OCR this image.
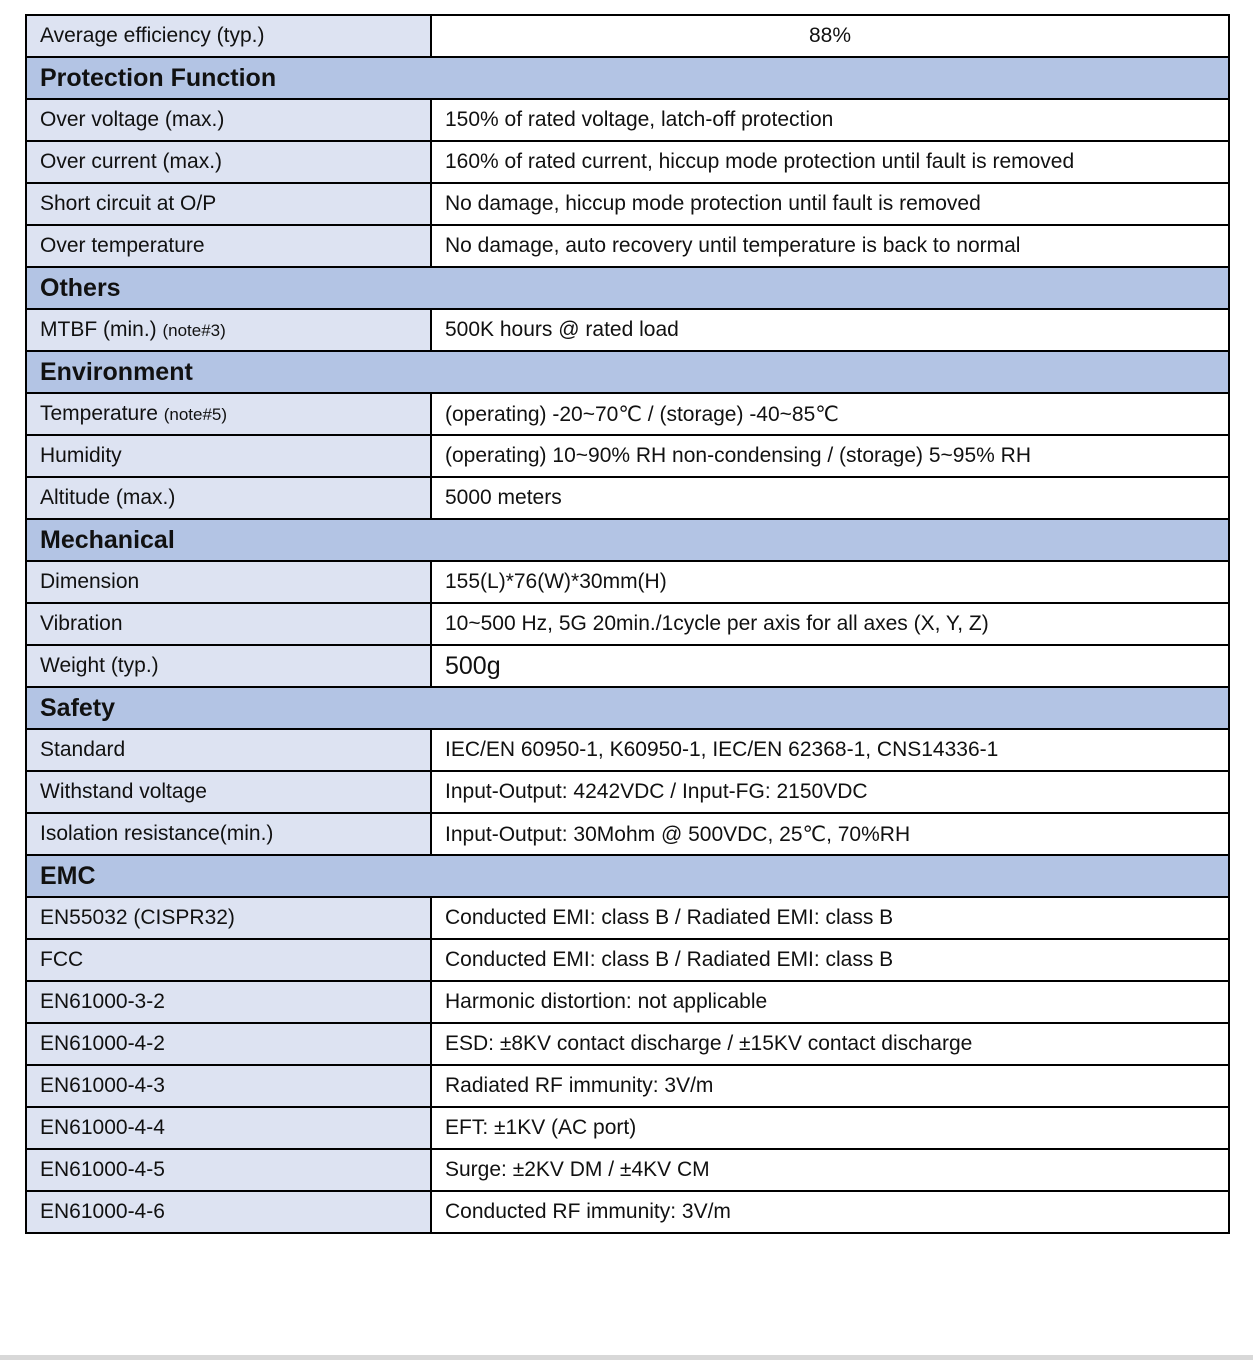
Average efficiency (typ.)	88%
Protection Function	
Over voltage (max.)	150% of rated voltage, latch-off protection
Over current (max.)	160% of rated current, hiccup mode protection until fault is removed
Short circuit at O/P	No damage, hiccup mode protection until fault is removed
Over temperature	No damage, auto recovery until temperature is back to normal
Others	
MTBF (min.) (note#3)	500K hours @ rated load
Environment	
Temperature (note#5)	(operating) -20~70℃ / (storage) -40~85℃
Humidity	(operating) 10~90% RH non-condensing / (storage) 5~95% RH
Altitude (max.)	5000 meters
Mechanical	
Dimension	155(L)*76(W)*30mm(H)
Vibration	10~500 Hz, 5G 20min./1cycle per axis for all axes (X, Y, Z)
Weight (typ.)	500g
Safety	
Standard	IEC/EN 60950-1, K60950-1, IEC/EN 62368-1, CNS14336-1
Withstand voltage	Input-Output: 4242VDC / Input-FG: 2150VDC
Isolation resistance(min.)	Input-Output: 30Mohm @ 500VDC, 25℃, 70%RH
EMC	
EN55032 (CISPR32)	Conducted EMI: class B / Radiated EMI: class B
FCC	Conducted EMI: class B / Radiated EMI: class B
EN61000-3-2	Harmonic distortion: not applicable
EN61000-4-2	ESD: ±8KV contact discharge / ±15KV contact discharge
EN61000-4-3	Radiated RF immunity: 3V/m
EN61000-4-4	EFT: ±1KV (AC port)
EN61000-4-5	Surge: ±2KV DM / ±4KV CM
EN61000-4-6	Conducted RF immunity: 3V/m
